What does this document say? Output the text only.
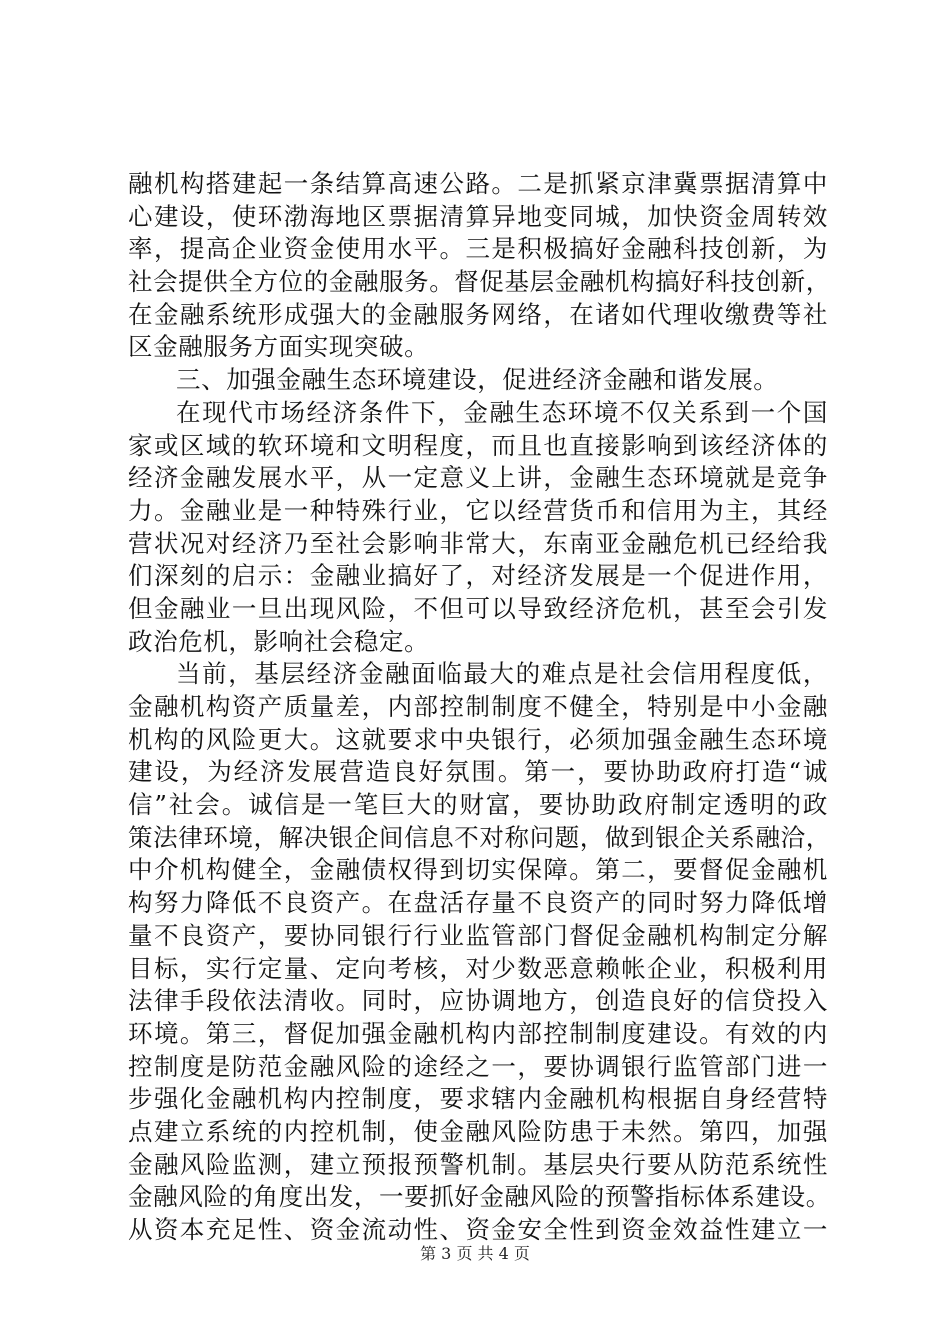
融机构搭建起一条结算高速公路。二是抓紧京津冀票据清算中
心建设，使环渤海地区票据清算异地变同城，加快资金周转效
率，提高企业资金使用水平。三是积极搞好金融科技创新，为
社会提供全方位的金融服务。督促基层金融机构搞好科技创新，
在金融系统形成强大的金融服务网络，在诸如代理收缴费等社
区金融服务方面实现突破。
三、加强金融生态环境建设，促进经济金融和谐发展。
在现代市场经济条件下，金融生态环境不仅关系到一个国
家或区域的软环境和文明程度，而且也直接影响到该经济体的
经济金融发展水平，从一定意义上讲，金融生态环境就是竞争
力。金融业是一种特殊行业，它以经营货币和信用为主，其经
营状况对经济乃至社会影响非常大，东南亚金融危机已经给我
们深刻的启示：金融业搞好了，对经济发展是一个促进作用，
但金融业一旦出现风险，不但可以导致经济危机，甚至会引发
政治危机，影响社会稳定。
当前，基层经济金融面临最大的难点是社会信用程度低，
金融机构资产质量差，内部控制制度不健全，特别是中小金融
机构的风险更大。这就要求中央银行，必须加强金融生态环境
建设，为经济发展营造良好氛围。第一，要协助政府打造“诚
信”社会。诚信是一笔巨大的财富，要协助政府制定透明的政
策法律环境，解决银企间信息不对称问题，做到银企关系融洽，
中介机构健全，金融债权得到切实保障。第二，要督促金融机
构努力降低不良资产。在盘活存量不良资产的同时努力降低增
量不良资产，要协同银行行业监管部门督促金融机构制定分解
目标，实行定量、定向考核，对少数恶意赖帐企业，积极利用
法律手段依法清收。同时，应协调地方，创造良好的信贷投入
环境。第三，督促加强金融机构内部控制制度建设。有效的内
控制度是防范金融风险的途经之一，要协调银行监管部门进一
步强化金融机构内控制度，要求辖内金融机构根据自身经营特
点建立系统的内控机制，使金融风险防患于未然。第四，加强
金融风险监测，建立预报预警机制。基层央行要从防范系统性
金融风险的角度出发，一要抓好金融风险的预警指标体系建设。
从资本充足性、资金流动性、资金安全性到资金效益性建立一
第 3 页 共 4 页
